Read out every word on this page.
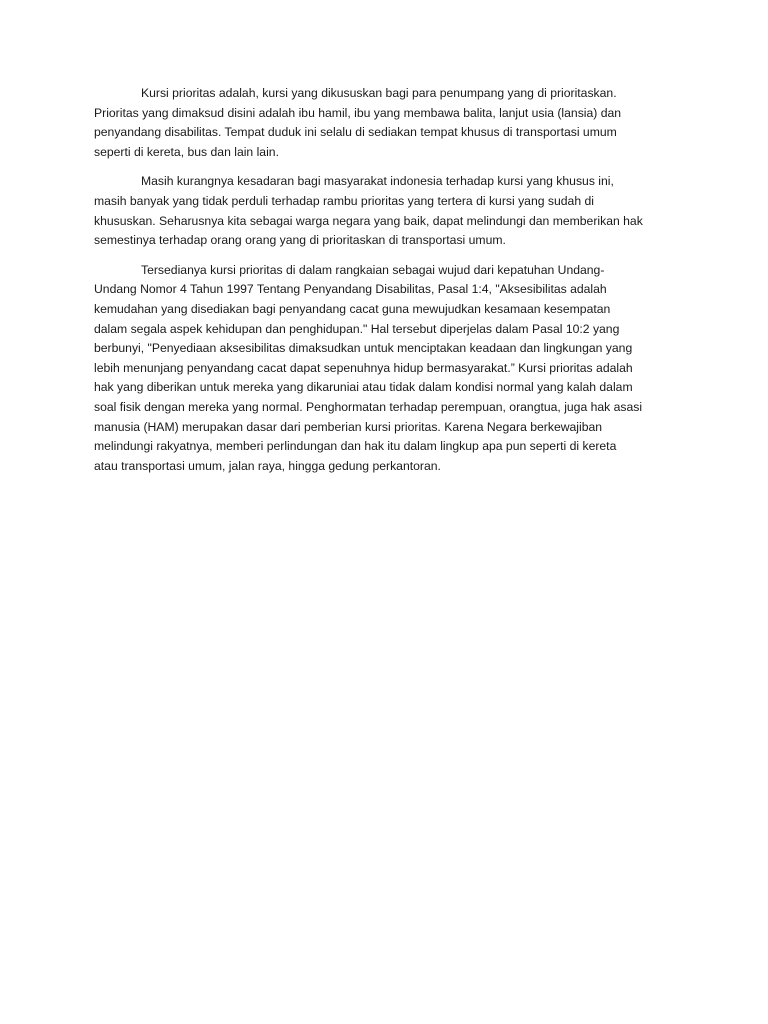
Kursi prioritas adalah, kursi yang dikususkan bagi para penumpang yang di prioritaskan.
Prioritas yang dimaksud disini adalah ibu hamil, ibu yang membawa balita, lanjut usia (lansia) dan
penyandang disabilitas. Tempat duduk ini selalu di sediakan tempat khusus di transportasi umum
seperti di kereta, bus dan lain lain.

Masih kurangnya kesadaran bagi masyarakat indonesia terhadap kursi yang khusus ini,
masih banyak yang tidak perduli terhadap rambu prioritas yang tertera di kursi yang sudah di
khususkan. Seharusnya kita sebagai warga negara yang baik, dapat melindungi dan memberikan hak
semestinya terhadap orang orang yang di prioritaskan di transportasi umum.

Tersedianya kursi prioritas di dalam rangkaian sebagai wujud dari kepatuhan Undang-
Undang Nomor 4 Tahun 1997 Tentang Penyandang Disabilitas, Pasal 1:4, "Aksesibilitas adalah
kemudahan yang disediakan bagi penyandang cacat guna mewujudkan kesamaan kesempatan
dalam segala aspek kehidupan dan penghidupan." Hal tersebut diperjelas dalam Pasal 10:2 yang
berbunyi, "Penyediaan aksesibilitas dimaksudkan untuk menciptakan keadaan dan lingkungan yang
lebih menunjang penyandang cacat dapat sepenuhnya hidup bermasyarakat.” Kursi prioritas adalah
hak yang diberikan untuk mereka yang dikaruniai atau tidak dalam kondisi normal yang kalah dalam
soal fisik dengan mereka yang normal. Penghormatan terhadap perempuan, orangtua, juga hak asasi
manusia (HAM) merupakan dasar dari pemberian kursi prioritas. Karena Negara berkewajiban
melindungi rakyatnya, memberi perlindungan dan hak itu dalam lingkup apa pun seperti di kereta
atau transportasi umum, jalan raya, hingga gedung perkantoran.
